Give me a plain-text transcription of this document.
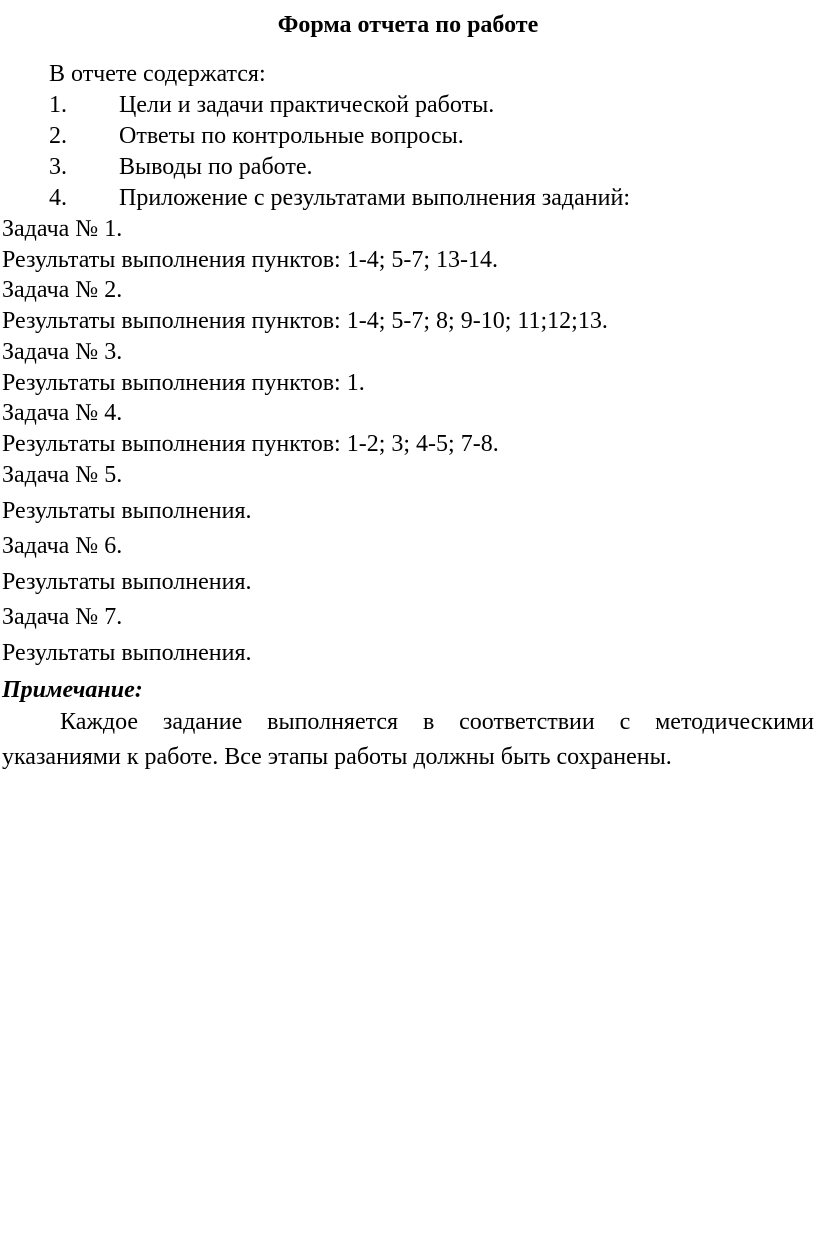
Форма отчета по работе
В отчете содержатся:
1. Цели и задачи практической работы.
2. Ответы по контрольные вопросы.
3. Выводы по работе.
4. Приложение с результатами выполнения заданий:
Задача № 1.
Результаты выполнения пунктов: 1-4; 5-7; 13-14.
Задача № 2.
Результаты выполнения пунктов: 1-4; 5-7; 8; 9-10; 11;12;13.
Задача № 3.
Результаты выполнения пунктов: 1.
Задача № 4.
Результаты выполнения пунктов: 1-2; 3; 4-5; 7-8.
Задача № 5.
Результаты выполнения.
Задача № 6.
Результаты выполнения.
Задача № 7.
Результаты выполнения.
Примечание:
Каждое задание выполняется в соответствии с методическими указаниями к работе. Все этапы работы должны быть сохранены.
